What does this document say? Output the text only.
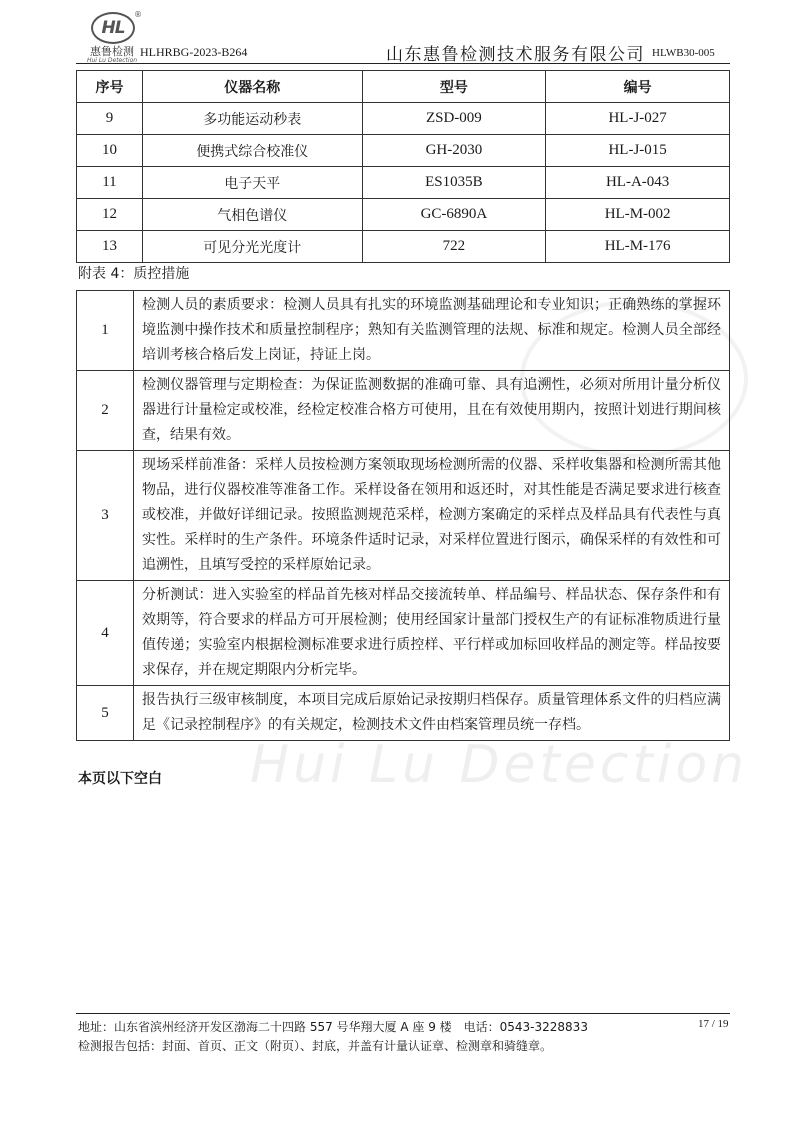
Hui Lu Detection
HL
®
惠鲁检测
Hui Lu Detection
HLHRBG-2023-B264	山东惠鲁检测技术服务有限公司 HLWB30-005
序号	仪器名称	型号	编号
9	多功能运动秒表	ZSD-009	HL-J-027
10	便携式综合校准仪	GH-2030	HL-J-015
11	电子天平	ES1035B	HL-A-043
12	气相色谱仪	GC-6890A	HL-M-002
13	可见分光光度计	722	HL-M-176
附表 4：质控措施
1	检测人员的素质要求：检测人员具有扎实的环境监测基础理论和专业知识；正确熟练的掌握环境监测中操作技术和质量控制程序；熟知有关监测管理的法规、标准和规定。检测人员全部经培训考核合格后发上岗证，持证上岗。
2	检测仪器管理与定期检查：为保证监测数据的准确可靠、具有追溯性，必须对所用计量分析仪器进行计量检定或校准，经检定校准合格方可使用，且在有效使用期内，按照计划进行期间核查，结果有效。
3	现场采样前准备：采样人员按检测方案领取现场检测所需的仪器、采样收集器和检测所需其他物品，进行仪器校准等准备工作。采样设备在领用和返还时，对其性能是否满足要求进行核查或校准，并做好详细记录。按照监测规范采样，检测方案确定的采样点及样品具有代表性与真实性。采样时的生产条件。环境条件适时记录，对采样位置进行图示，确保采样的有效性和可追溯性，且填写受控的采样原始记录。
4	分析测试：进入实验室的样品首先核对样品交接流转单、样品编号、样品状态、保存条件和有效期等，符合要求的样品方可开展检测；使用经国家计量部门授权生产的有证标准物质进行量值传递；实验室内根据检测标准要求进行质控样、平行样或加标回收样品的测定等。样品按要求保存，并在规定期限内分析完毕。
5	报告执行三级审核制度，本项目完成后原始记录按期归档保存。质量管理体系文件的归档应满足《记录控制程序》的有关规定，检测技术文件由档案管理员统一存档。
本页以下空白
地址：山东省滨州经济开发区渤海二十四路 557 号华翔大厦 A 座 9 楼　电话：0543-3228833	17 / 19
检测报告包括：封面、首页、正文（附页）、封底，并盖有计量认证章、检测章和骑缝章。
